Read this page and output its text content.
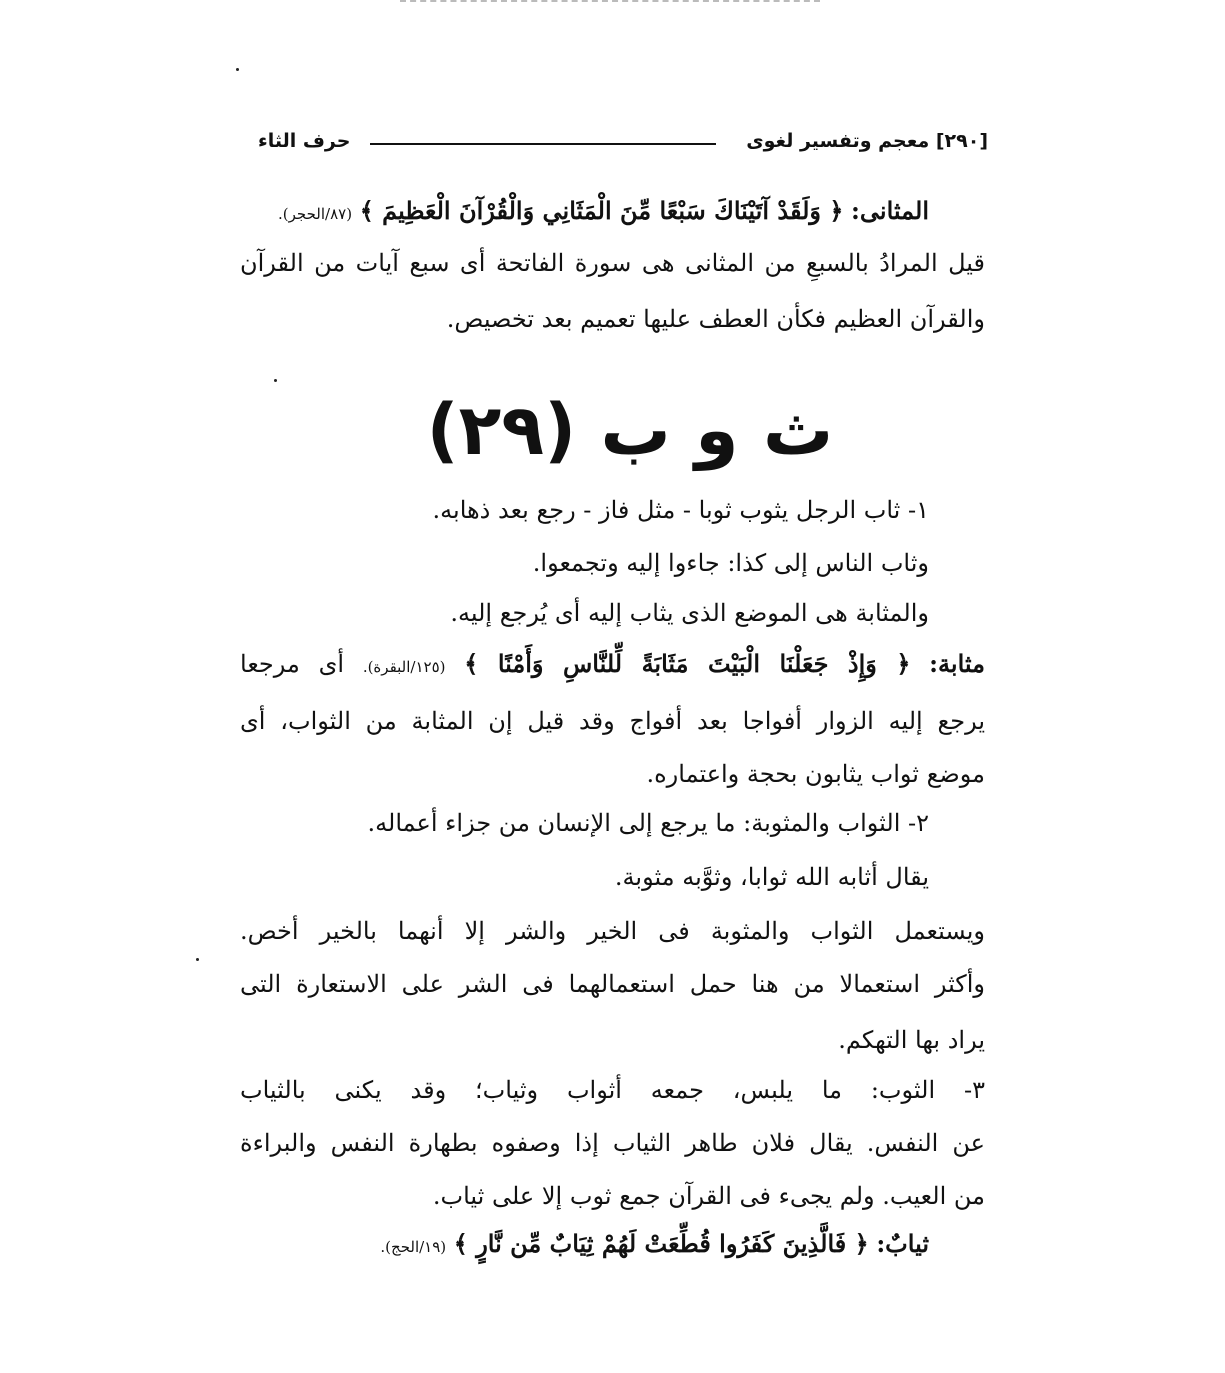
[٢٩٠] معجم وتفسير لغوى
حرف الثاء
المثانى: ﴿ وَلَقَدْ آتَيْنَاكَ سَبْعًا مِّنَ الْمَثَانِي وَالْقُرْآنَ الْعَظِيمَ ﴾ (٨٧/الحجر).
قيل المرادُ بالسبعِ من المثانى هى سورة الفاتحة أى سبع آيات من القرآن
والقرآن العظيم فكأن العطف عليها تعميم بعد تخصيص.
ث و ب (٢٩)
١- ثاب الرجل يثوب ثوبا - مثل فاز - رجع بعد ذهابه.
وثاب الناس إلى كذا: جاءوا إليه وتجمعوا.
والمثابة هى الموضع الذى يثاب إليه أى يُرجع إليه.
مثابة: ﴿ وَإِذْ جَعَلْنَا الْبَيْتَ مَثَابَةً لِّلنَّاسِ وَأَمْنًا ﴾ (١٢٥/البقرة). أى مرجعا
يرجع إليه الزوار أفواجا بعد أفواج وقد قيل إن المثابة من الثواب، أى
موضع ثواب يثابون بحجة واعتماره.
٢- الثواب والمثوبة: ما يرجع إلى الإنسان من جزاء أعماله.
يقال أثابه الله ثوابا، وثوَّبه مثوبة.
ويستعمل الثواب والمثوبة فى الخير والشر إلا أنهما بالخير أخص.
وأكثر استعمالا من هنا حمل استعمالهما فى الشر على الاستعارة التى
يراد بها التهكم.
٣- الثوب: ما يلبس، جمعه أثواب وثياب؛ وقد يكنى بالثياب
عن النفس. يقال فلان طاهر الثياب إذا وصفوه بطهارة النفس والبراءة
من العيب. ولم يجىء فى القرآن جمع ثوب إلا على ثياب.
ثيابٌ: ﴿ فَالَّذِينَ كَفَرُوا قُطِّعَتْ لَهُمْ ثِيَابٌ مِّن نَّارٍ ﴾ (١٩/الحج).
